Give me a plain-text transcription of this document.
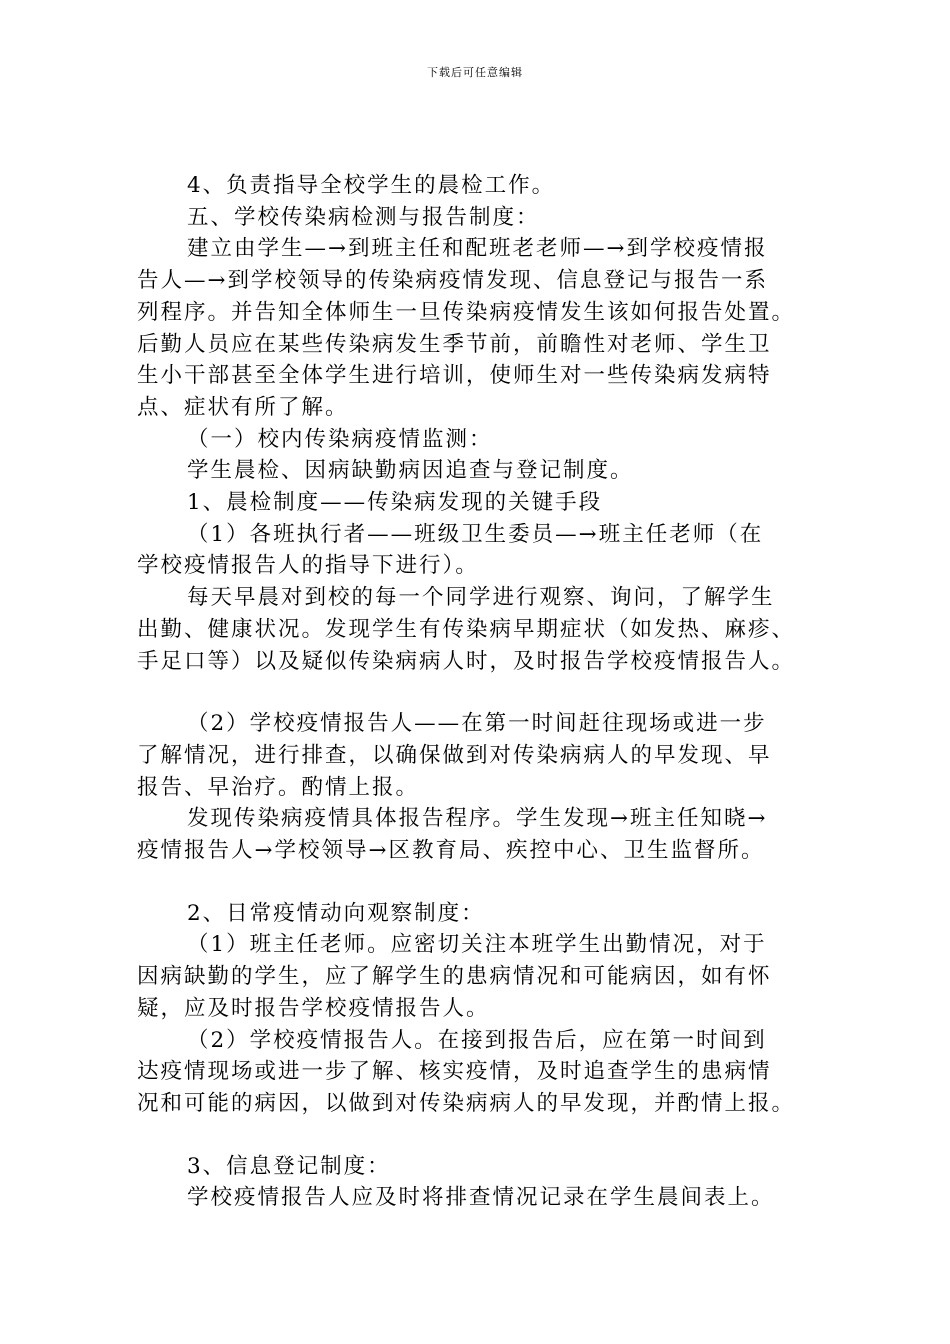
下载后可任意编辑

4、负责指导全校学生的晨检工作。

五、学校传染病检测与报告制度：

建立由学生—→到班主任和配班老老师—→到学校疫情报

告人—→到学校领导的传染病疫情发现、信息登记与报告一系

列程序。并告知全体师生一旦传染病疫情发生该如何报告处置。

后勤人员应在某些传染病发生季节前，前瞻性对老师、学生卫

生小干部甚至全体学生进行培训，使师生对一些传染病发病特

点、症状有所了解。

（一）校内传染病疫情监测：

学生晨检、因病缺勤病因追查与登记制度。

1、晨检制度——传染病发现的关键手段

（1）各班执行者——班级卫生委员—→班主任老师（在

学校疫情报告人的指导下进行）。

每天早晨对到校的每一个同学进行观察、询问，了解学生

出勤、健康状况。发现学生有传染病早期症状（如发热、麻疹、

手足口等）以及疑似传染病病人时，及时报告学校疫情报告人。

（2）学校疫情报告人——在第一时间赶往现场或进一步

了解情况，进行排查，以确保做到对传染病病人的早发现、早

报告、早治疗。酌情上报。

发现传染病疫情具体报告程序。学生发现→班主任知晓→

疫情报告人→学校领导→区教育局、疾控中心、卫生监督所。

2、日常疫情动向观察制度：

（1）班主任老师。应密切关注本班学生出勤情况，对于

因病缺勤的学生，应了解学生的患病情况和可能病因，如有怀

疑，应及时报告学校疫情报告人。

（2）学校疫情报告人。在接到报告后，应在第一时间到

达疫情现场或进一步了解、核实疫情，及时追查学生的患病情

况和可能的病因，以做到对传染病病人的早发现，并酌情上报。

3、信息登记制度：

学校疫情报告人应及时将排查情况记录在学生晨间表上。
